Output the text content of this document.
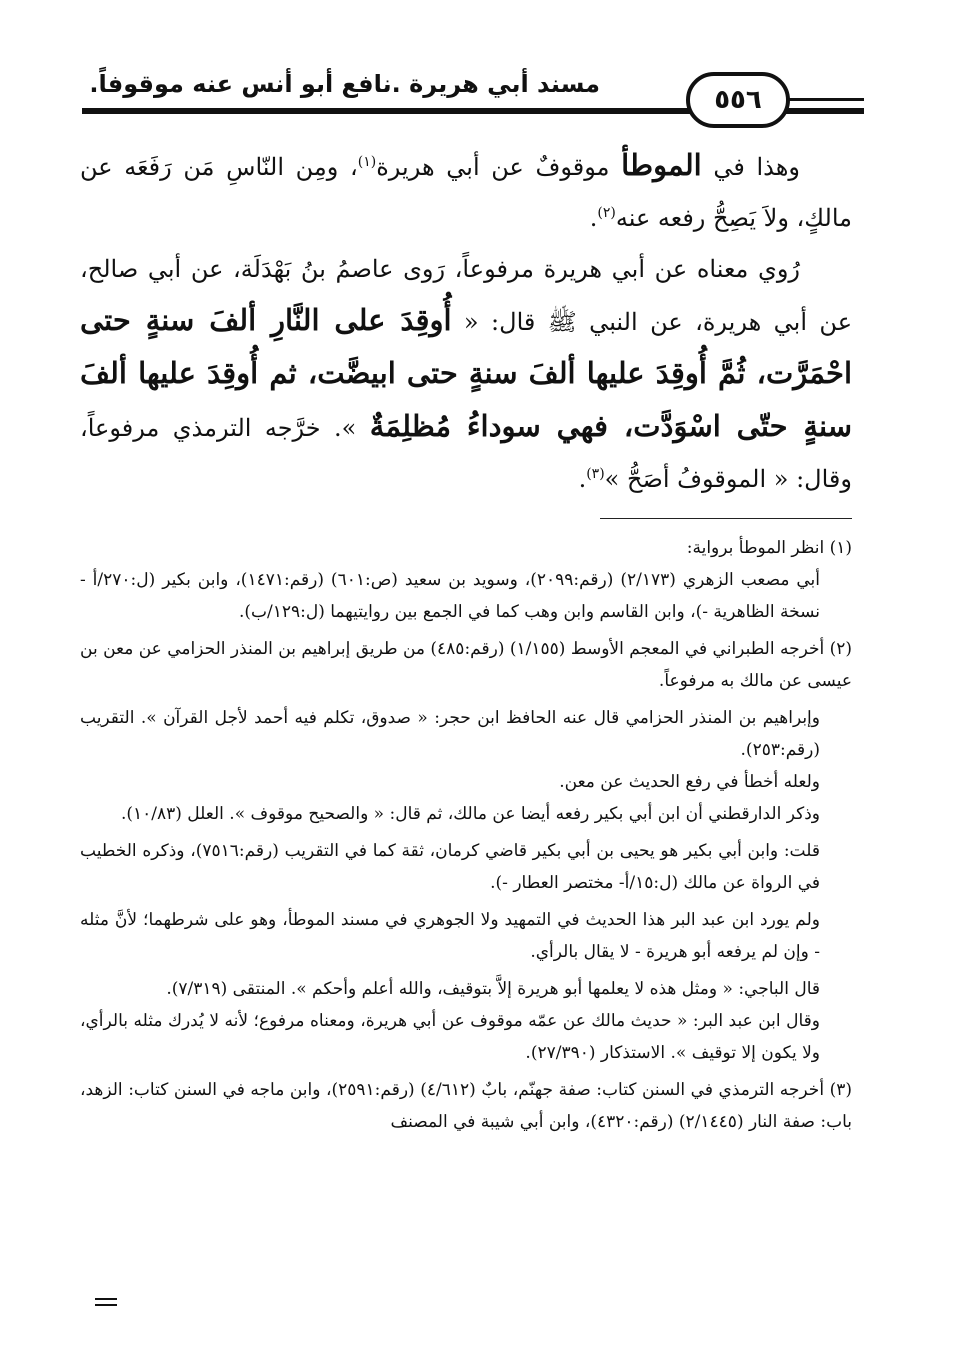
مسند أبي هريرة .نافع أبو أنس عنه موقوفاً.
٥٥٦

وهذا في الموطأ موقوفٌ عن أبي هريرة$^{(١)}$، ومِن النّاسِ مَن رَفَعَه عن مالكٍ، ولاَ يَصِحُّ رفعه عنه$^{(٢)}$.

رُوي معناه عن أبي هريرة مرفوعاً، رَوى عاصمُ بنُ بَهْدَلَة، عن أبي صالح، عن أبي هريرة، عن النبي ﷺ قال: « أُوقِدَ على النَّارِ ألفَ سنةٍ حتى احْمَرَّت، ثُمَّ أُوقِدَ عليها ألفَ سنةٍ حتى ابيضَّت، ثم أُوقِدَ عليها ألفَ سنةٍ حتّى اسْوَدَّت، فهي سوداءُ مُظلِمَةٌ ». خرَّجه الترمذي مرفوعاً، وقال: « الموقوفُ أصَحُّ »$^{(٣)}$.

(١) انظر الموطأ برواية:

أبي مصعب الزهري (٢/١٧٣) (رقم:٢٠٩٩)، وسويد بن سعيد (ص:٦٠١) (رقم:١٤٧١)، وابن بكير (ل:٢٧٠/أ - نسخة الظاهرية -)، وابن القاسم وابن وهب كما في الجمع بين روايتيهما (ل:١٢٩/ب).

(٢) أخرجه الطبراني في المعجم الأوسط (١/١٥٥) (رقم:٤٨٥) من طريق إبراهيم بن المنذر الحزامي عن معن بن عيسى عن مالك به مرفوعاً.

وإبراهيم بن المنذر الحزامي قال عنه الحافظ ابن حجر: « صدوق، تكلم فيه أحمد لأجل القرآن ». التقريب (رقم:٢٥٣).

ولعله أخطأ في رفع الحديث عن معن.

وذكر الدارقطني أن ابن أبي بكير رفعه أيضا عن مالك، ثم قال: « والصحيح موقوف ». العلل (١٠/٨٣).

قلت: وابن أبي بكير هو يحيى بن أبي بكير قاضي كرمان، ثقة كما في التقريب (رقم:٧٥١٦)، وذكره الخطيب في الرواة عن مالك (ل:١٥/أ- مختصر العطار -).

ولم يورد ابن عبد البر هذا الحديث في التمهيد ولا الجوهري في مسند الموطأ، وهو على شرطهما؛ لأنَّ مثله - وإن لم يرفعه أبو هريرة - لا يقال بالرأي.

قال الباجي: « ومثل هذه لا يعلمها أبو هريرة إلاَّ بتوقيف، والله أعلم وأحكم ». المنتقى (٧/٣١٩).

وقال ابن عبد البر: « حديث مالك عن عمّه موقوف عن أبي هريرة، ومعناه مرفوع؛ لأنه لا يُدرك مثله بالرأي، ولا يكون إلا توقيف ». الاستذكار (٢٧/٣٩٠).

(٣) أخرجه الترمذي في السنن كتاب: صفة جهنّم، بابٌ (٤/٦١٢) (رقم:٢٥٩١)، وابن ماجه في السنن كتاب: الزهد، باب: صفة النار (٢/١٤٤٥) (رقم:٤٣٢٠)، وابن أبي شيبة في المصنف
